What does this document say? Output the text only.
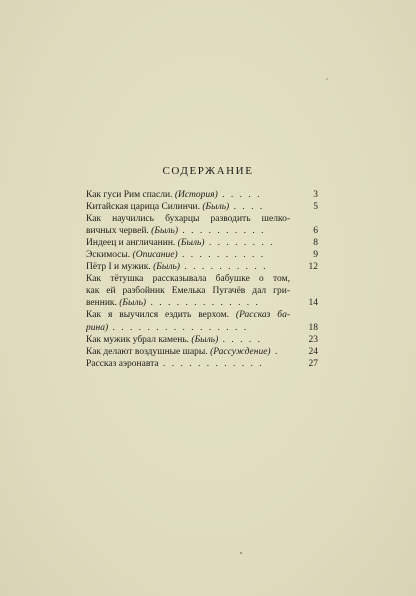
СОДЕРЖАНИЕ
Как гуси Рим спасли. (История) . . . . .	3
Китайская царица Силинчи. (Быль) . . . .	5
Как научились бухарцы разводить шелко-
вичных червей. (Быль) . . . . . . . . . .	6
Индеец и англичанин. (Быль) . . . . . . . .	8
Эскимосы. (Описание) . . . . . . . . . .	9
Пётр I и мужик. (Быль) . . . . . . . . . .	12
Как тётушка рассказывала бабушке о том,
как ей разбойник Емелька Пугачёв дал гри-
венник. (Быль) . . . . . . . . . . . . .	14
Как я выучился ездить верхом. (Рассказ ба-
рина) . . . . . . . . . . . . . . . .	18
Как мужик убрал камень. (Быль) . . . . .	23
Как делают воздушные шары. (Рассуждение) .	24
Рассказ аэронавта . . . . . . . . . . . .	27
